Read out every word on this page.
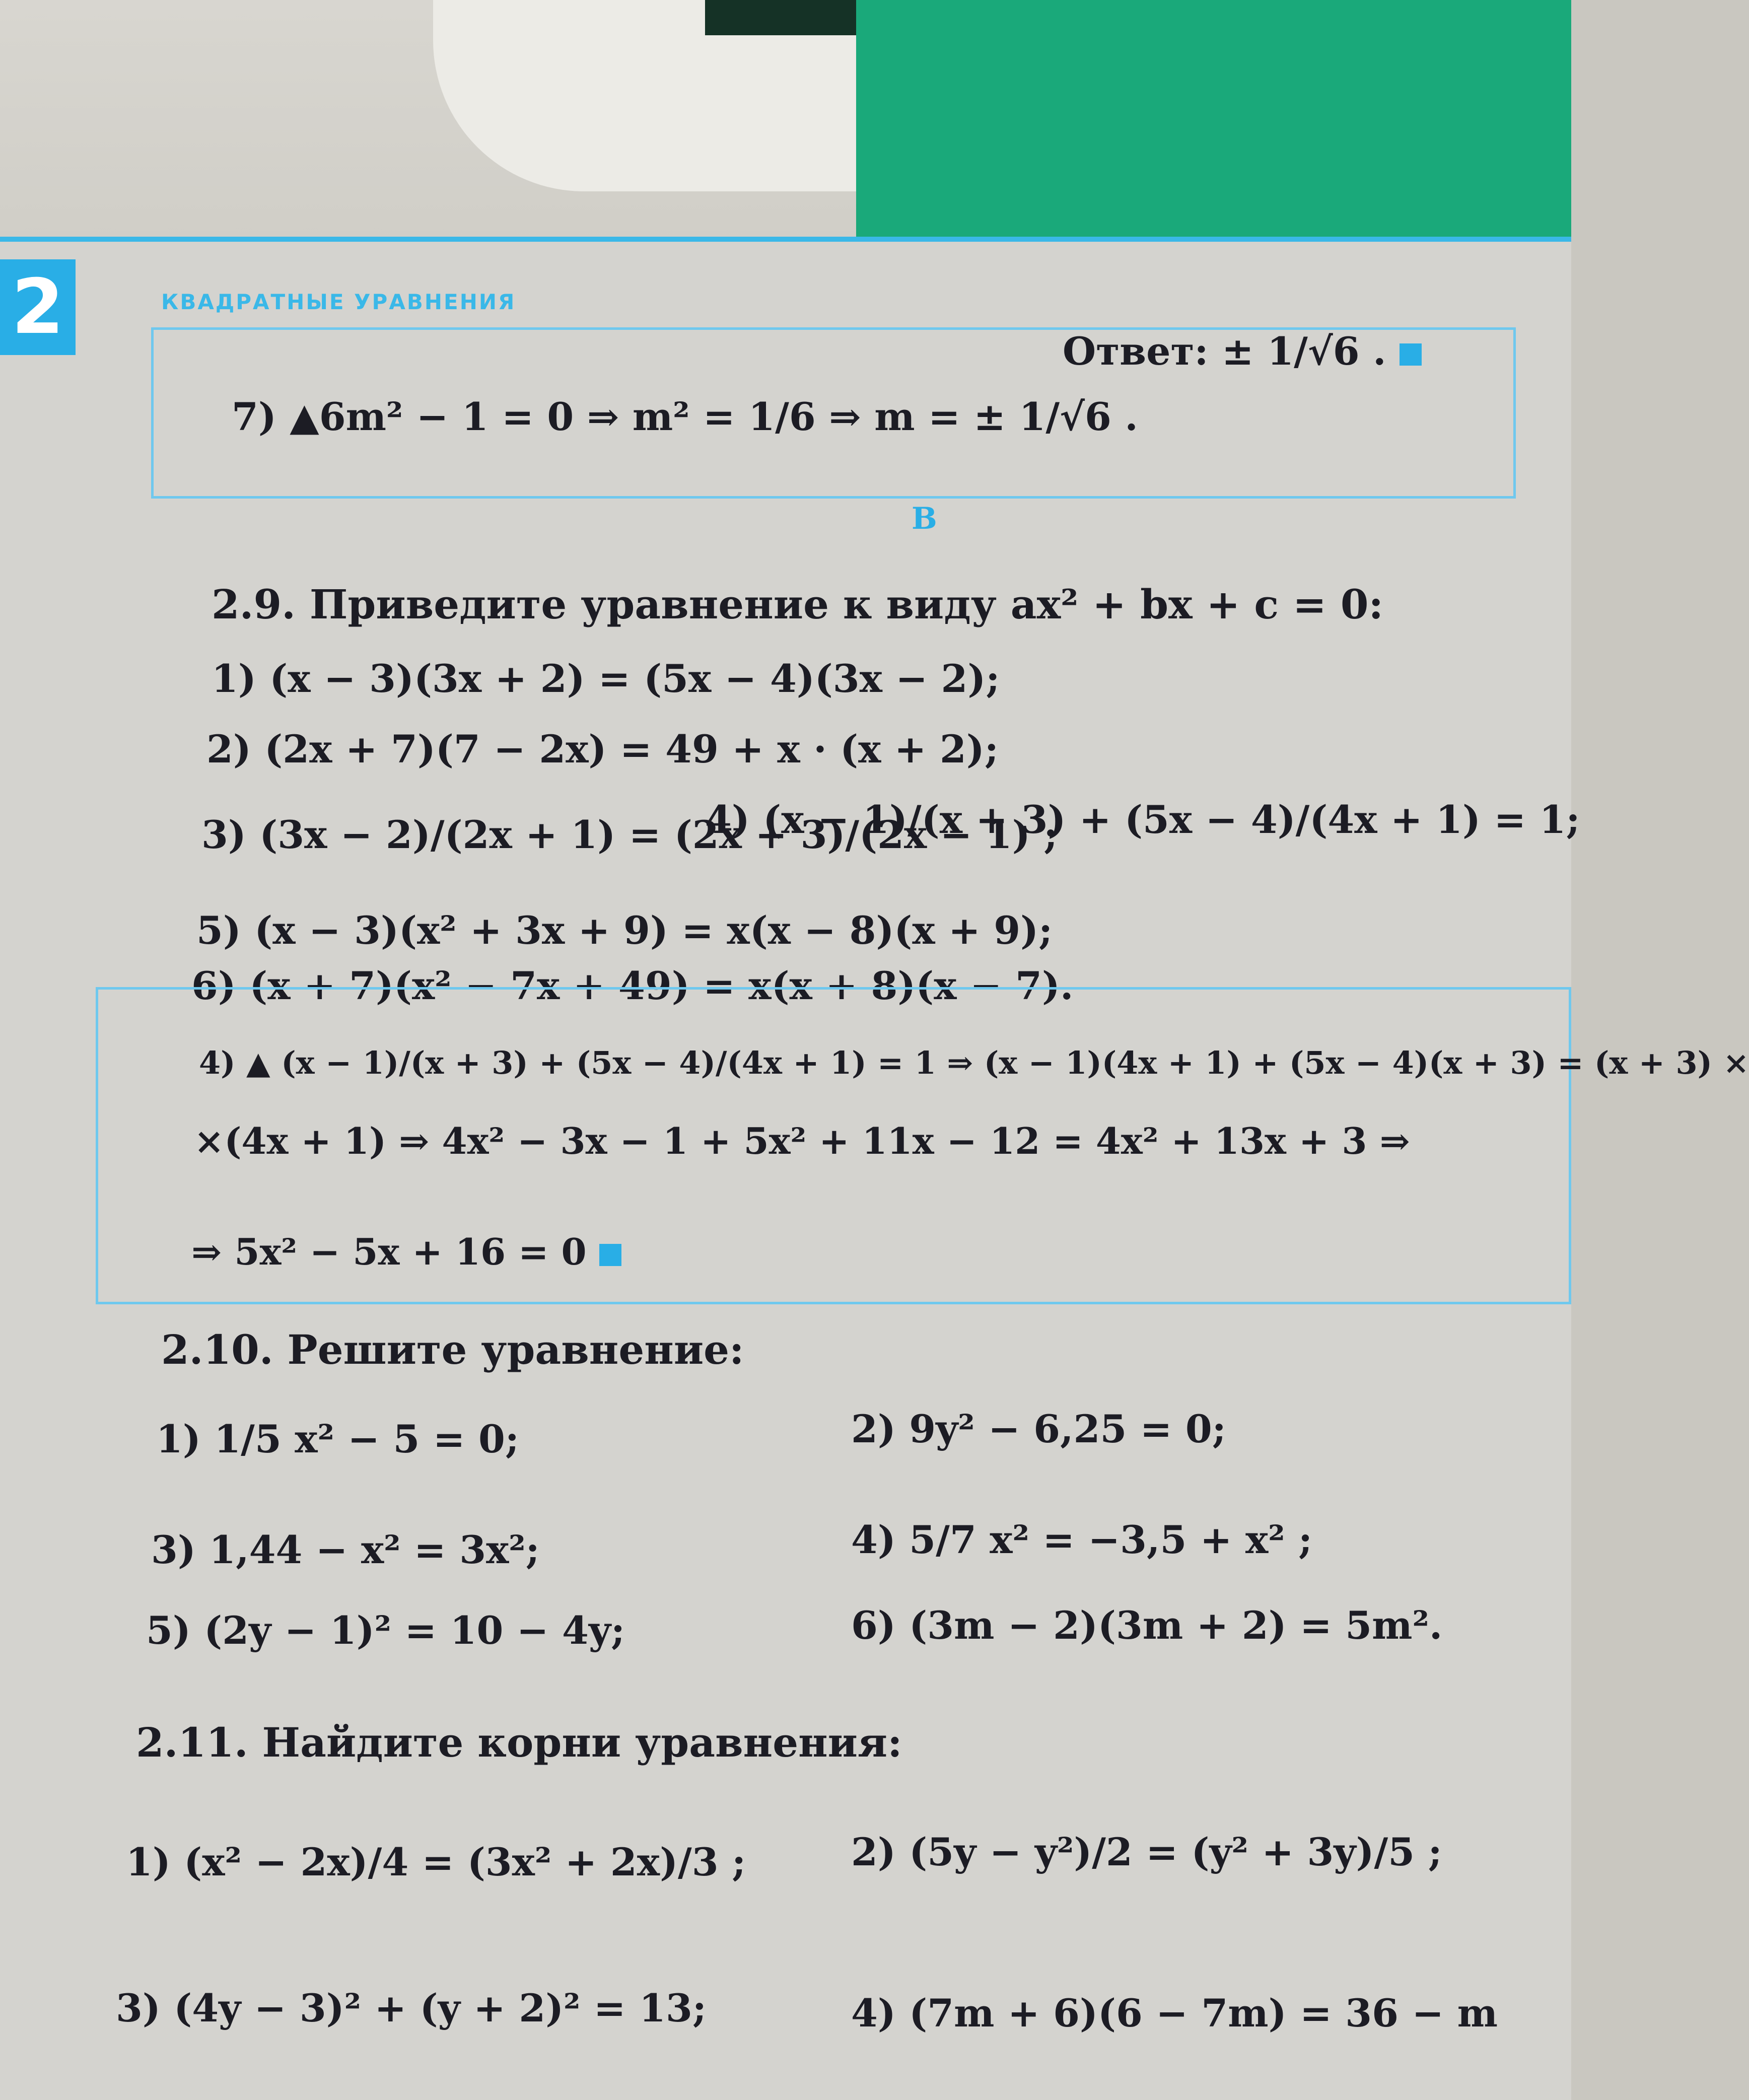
2	КВАДРАТНЫЕ УРАВНЕНИЯ
7) ▲6m² − 1 = 0 ⇒ m² = 1/6 ⇒ m = ± 1/√6 .
Ответ: ± 1/√6 .
В
2.9. Приведите уравнение к виду ax² + bx + c = 0:
1) (x − 3)(3x + 2) = (5x − 4)(3x − 2);
2) (2x + 7)(7 − 2x) = 49 + x · (x + 2);
3) (3x − 2)/(2x + 1) = (2x + 3)/(2x − 1) ;
4) (x − 1)/(x + 3) + (5x − 4)/(4x + 1) = 1;
5) (x − 3)(x² + 3x + 9) = x(x − 8)(x + 9);
6) (x + 7)(x² − 7x + 49) = x(x + 8)(x − 7).
4) ▲ (x − 1)/(x + 3) + (5x − 4)/(4x + 1) = 1 ⇒ (x − 1)(4x + 1) + (5x − 4)(x + 3) = (x + 3) ×
×(4x + 1) ⇒ 4x² − 3x − 1 + 5x² + 11x − 12 = 4x² + 13x + 3 ⇒
⇒ 5x² − 5x + 16 = 0
2.10. Решите уравнение:
1) 1/5 x² − 5 = 0;	2) 9y² − 6,25 = 0;
3) 1,44 − x² = 3x²;	4) 5/7 x² = −3,5 + x² ;
5) (2y − 1)² = 10 − 4y;	6) (3m − 2)(3m + 2) = 5m².
2.11. Найдите корни уравнения:
1) (x² − 2x)/4 = (3x² + 2x)/3 ;	2) (5y − y²)/2 = (y² + 3y)/5 ;
3) (4y − 3)² + (y + 2)² = 13;	4) (7m + 6)(6 − 7m) = 36 − m
